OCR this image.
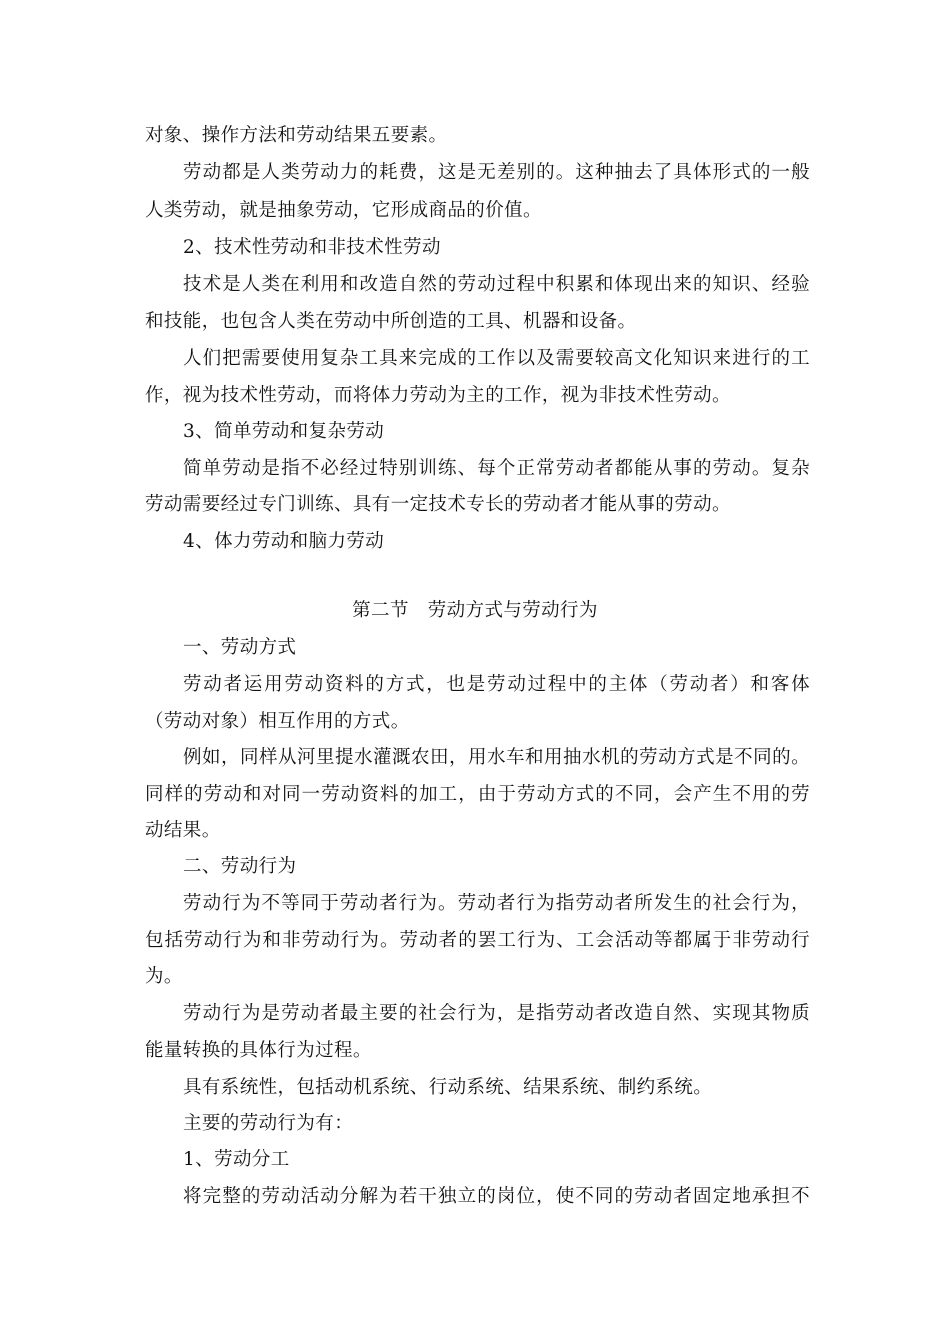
对象、操作方法和劳动结果五要素。
劳动都是人类劳动力的耗费，这是无差别的。这种抽去了具体形式的一般
人类劳动，就是抽象劳动，它形成商品的价值。
2、技术性劳动和非技术性劳动
技术是人类在利用和改造自然的劳动过程中积累和体现出来的知识、经验
和技能，也包含人类在劳动中所创造的工具、机器和设备。
人们把需要使用复杂工具来完成的工作以及需要较高文化知识来进行的工
作，视为技术性劳动，而将体力劳动为主的工作，视为非技术性劳动。
3、简单劳动和复杂劳动
简单劳动是指不必经过特别训练、每个正常劳动者都能从事的劳动。复杂
劳动需要经过专门训练、具有一定技术专长的劳动者才能从事的劳动。
4、体力劳动和脑力劳动
第二节　劳动方式与劳动行为
一、劳动方式
劳动者运用劳动资料的方式，也是劳动过程中的主体（劳动者）和客体
（劳动对象）相互作用的方式。
例如，同样从河里提水灌溉农田，用水车和用抽水机的劳动方式是不同的。
同样的劳动和对同一劳动资料的加工，由于劳动方式的不同，会产生不用的劳
动结果。
二、劳动行为
劳动行为不等同于劳动者行为。劳动者行为指劳动者所发生的社会行为，
包括劳动行为和非劳动行为。劳动者的罢工行为、工会活动等都属于非劳动行
为。
劳动行为是劳动者最主要的社会行为，是指劳动者改造自然、实现其物质
能量转换的具体行为过程。
具有系统性，包括动机系统、行动系统、结果系统、制约系统。
主要的劳动行为有：
1、劳动分工
将完整的劳动活动分解为若干独立的岗位，使不同的劳动者固定地承担不
